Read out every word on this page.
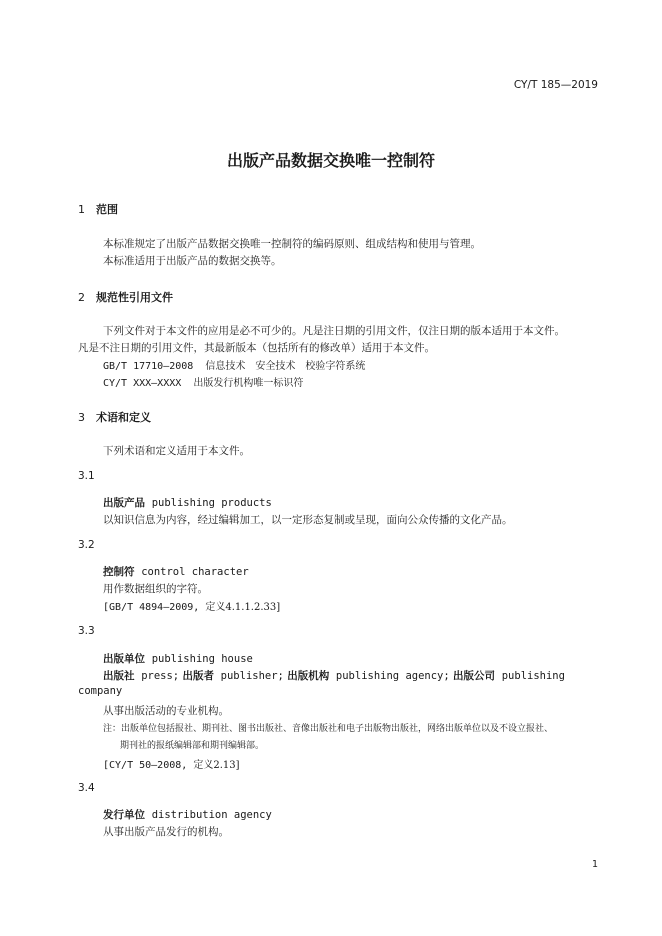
CY/T 185—2019
出版产品数据交换唯一控制符
1 范围
本标准规定了出版产品数据交换唯一控制符的编码原则、组成结构和使用与管理。
本标准适用于出版产品的数据交换等。
2 规范性引用文件
下列文件对于本文件的应用是必不可少的。凡是注日期的引用文件，仅注日期的版本适用于本文件。
凡是不注日期的引用文件，其最新版本（包括所有的修改单）适用于本文件。
GB/T 17710—2008 信息技术　安全技术　校验字符系统
CY/T XXX—XXXX 出版发行机构唯一标识符
3 术语和定义
下列术语和定义适用于本文件。
3.1
出版产品 publishing products
以知识信息为内容，经过编辑加工，以一定形态复制或呈现，面向公众传播的文化产品。
3.2
控制符 control character
用作数据组织的字符。
[GB/T 4894—2009, 定义4.1.1.2.33]
3.3
出版单位 publishing house
出版社 press; 出版者 publisher; 出版机构 publishing agency; 出版公司 publishing
company
从事出版活动的专业机构。
注：出版单位包括报社、期刊社、图书出版社、音像出版社和电子出版物出版社，网络出版单位以及不设立报社、
期刊社的报纸编辑部和期刊编辑部。
[CY/T 50—2008, 定义2.13]
3.4
发行单位 distribution agency
从事出版产品发行的机构。
1
